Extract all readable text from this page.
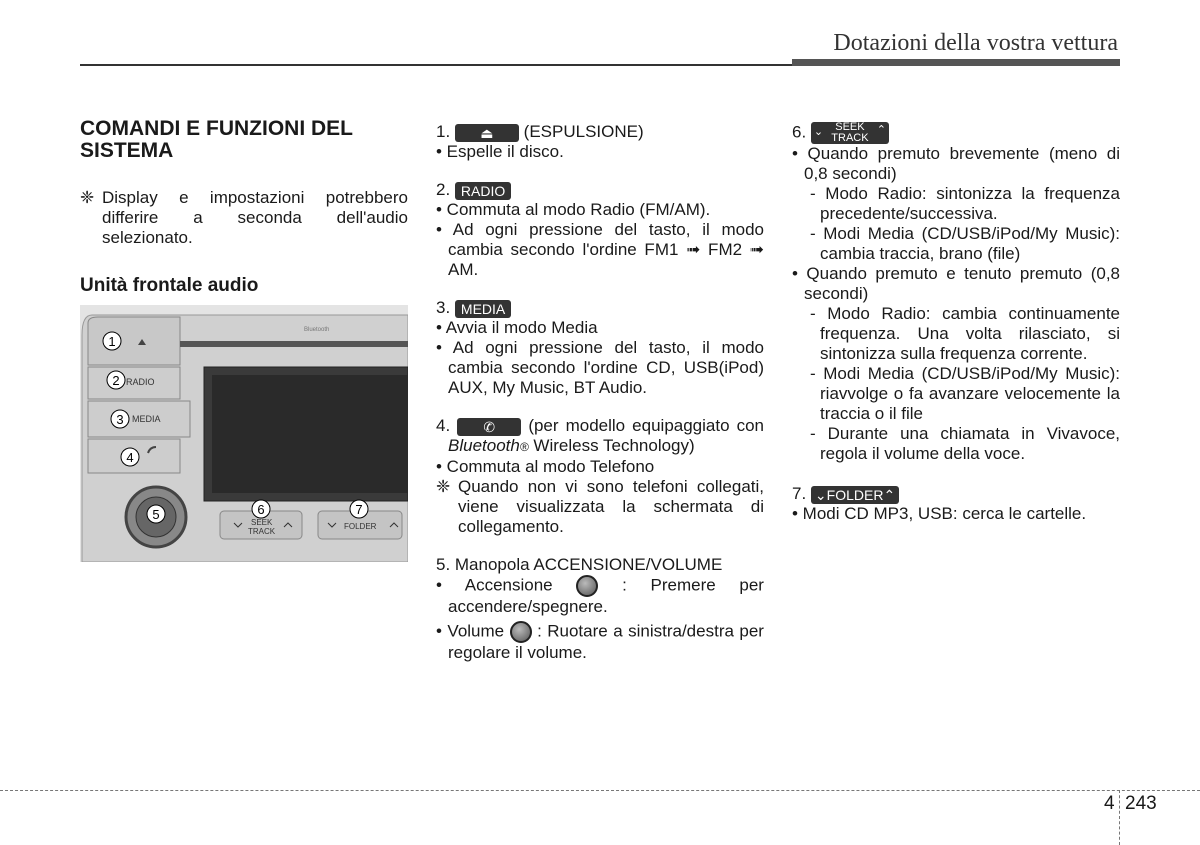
Dotazioni della vostra vettura

COMANDI E FUNZIONI DEL SISTEMA

❈ Display e impostazioni potrebbero differire a seconda dell'audio selezionato.

Unità frontale audio

Bluetooth
RADIO
MEDIA
SEEK
TRACK
FOLDER
1
2
3
4
5	6	7

1. ⏏ (ESPULSIONE)

• Espelle il disco.

2. RADIO

• Commuta al modo Radio (FM/AM).

• Ad ogni pressione del tasto, il modo cambia secondo l'ordine FM1 ➟ FM2 ➟ AM.

3. MEDIA

• Avvia il modo Media

• Ad ogni pressione del tasto, il modo cambia secondo l'ordine CD, USB(iPod) AUX, My Music, BT Audio.

4. ✆ (per modello equipaggiato con Bluetooth® Wireless Technology)

• Commuta al modo Telefono

❈ Quando non vi sono telefoni collegati, viene visualizzata la schermata di collegamento.

5. Manopola ACCENSIONE/VOLUME

• Accensione	: Premere per accendere/spegnere.

• Volume : Ruotare a sinistra/destra per regolare il volume.

6. ⌄	SEEK
TRACK
⌃

• Quando premuto brevemente (meno di 0,8 secondi)

- Modo Radio: sintonizza la frequenza precedente/successiva.

- Modi Media (CD/USB/iPod/My Music): cambia traccia, brano (file)

• Quando premuto e tenuto premuto (0,8 secondi)

- Modo Radio: cambia continuamente frequenza. Una volta rilasciato, si sintonizza sulla frequenza corrente.

- Modi Media (CD/USB/iPod/My Music): riavvolge o fa avanzare velocemente la traccia o il file

- Durante una chiamata in Vivavoce, regola il volume della voce.

7. ⌄FOLDER⌃

• Modi CD MP3, USB: cerca le cartelle.

4 243
